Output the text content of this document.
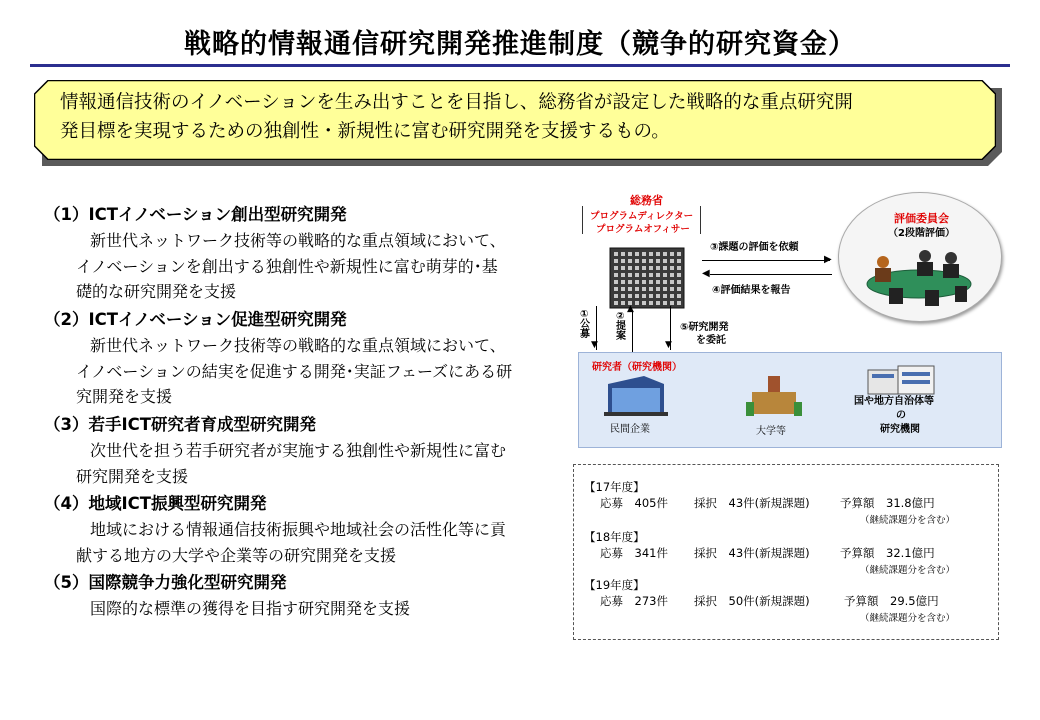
戦略的情報通信研究開発推進制度（競争的研究資金）
情報通信技術のイノベーションを生み出すことを目指し、総務省が設定した戦略的な重点研究開
発目標を実現するための独創性・新規性に富む研究開発を支援するもの。
（1）ICTイノベーション創出型研究開発
新世代ネットワーク技術等の戦略的な重点領域において、
イノベーションを創出する独創性や新規性に富む萌芽的･基
礎的な研究開発を支援
（2）ICTイノベーション促進型研究開発
新世代ネットワーク技術等の戦略的な重点領域において、
イノベーションの結実を促進する開発･実証フェーズにある研
究開発を支援
（3）若手ICT研究者育成型研究開発
次世代を担う若手研究者が実施する独創性や新規性に富む
研究開発を支援
（4）地域ICT振興型研究開発
地域における情報通信技術振興や地域社会の活性化等に貢
献する地方の大学や企業等の研究開発を支援
（5）国際競争力強化型研究開発
国際的な標準の獲得を目指す研究開発を支援
総務省
プログラムディレクター
プログラムオフィサー
評価委員会
（2段階評価）
③課題の評価を依頼
▶
◀
④評価結果を報告
▼
①公募
▲
②提案
▼
⑤研究開発
を委託
研究者（研究機関）
民間企業	大学等
国や地方自治体等
の
研究機関
【17年度】
応募　405件 採択　43件(新規課題)	予算額　31.8億円
（継続課題分を含む）
【18年度】
応募　341件 採択　43件(新規課題)	予算額　32.1億円
（継続課題分を含む）
【19年度】
応募　273件 採択　50件(新規課題)	予算額　29.5億円
（継続課題分を含む）
